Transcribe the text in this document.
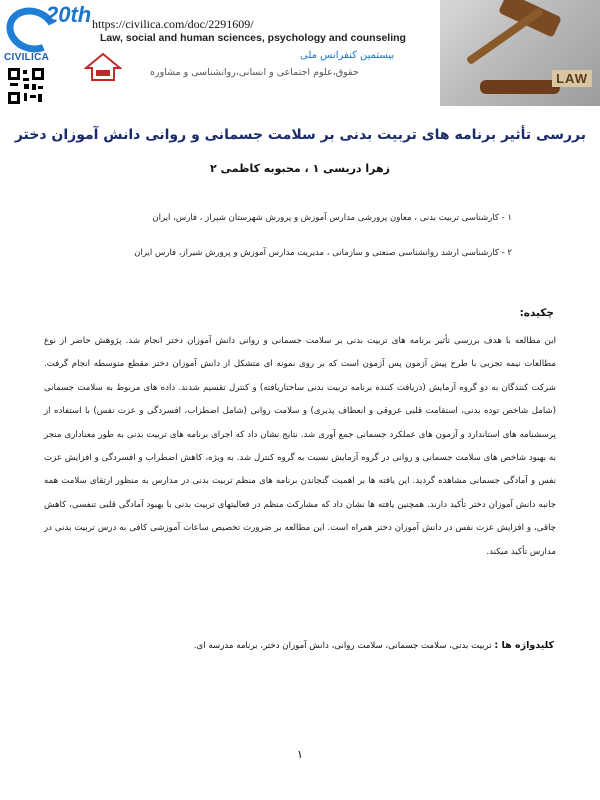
CIVILICA
20th https://civilica.com/doc/2291609/
Law, social and human sciences, psychology and counseling
بیستمین کنفرانس ملی
حقوق،علوم اجتماعی و انسانی،روانشناسی و مشاوره	LAW
بررسی تأثیر برنامه های تربیت بدنی بر سلامت جسمانی و روانی دانش آموزان دختر
زهرا دریسی ۱ ، محبوبه کاظمی ۲
۱ - کارشناسی تربیت بدنی ، معاون پرورشی مدارس آموزش و پرورش شهرستان شیراز ، فارس، ایران
۲ - کارشناسی ارشد روانشناسی صنعتی و سازمانی ، مدیریت مدارس آموزش و پرورش شیراز، فارس ایران
چکیده:
این مطالعه با هدف بررسی تأثیر برنامه های تربیت بدنی بر سلامت جسمانی و روانی دانش آموزان دختر انجام شد. پژوهش حاضر از نوع مطالعات نیمه تجربی با طرح پیش آزمون پس آزمون است که بر روی نمونه ای متشکل از دانش آموزان دختر مقطع متوسطه انجام گرفت. شرکت کنندگان به دو گروه آزمایش (دریافت کننده برنامه تربیت بدنی ساختاریافته) و کنترل تقسیم شدند. داده های مربوط به سلامت جسمانی (شامل شاخص توده بدنی، استقامت قلبی عروقی و انعطاف پذیری) و سلامت روانی (شامل اضطراب، افسردگی و عزت نفس) با استفاده از پرسشنامه های استاندارد و آزمون های عملکرد جسمانی جمع آوری شد. نتایج نشان داد که اجرای برنامه های تربیت بدنی به طور معناداری منجر به بهبود شاخص های سلامت جسمانی و روانی در گروه آزمایش نسبت به گروه کنترل شد. به ویژه، کاهش اضطراب و افسردگی و افزایش عزت نفس و آمادگی جسمانی مشاهده گردید. این یافته ها بر اهمیت گنجاندن برنامه های منظم تربیت بدنی در مدارس به منظور ارتقای سلامت همه جانبه دانش آموزان دختر تأکید دارند. همچنین یافته ها نشان داد که مشارکت منظم در فعالیتهای تربیت بدنی با بهبود آمادگی قلبی تنفسی، کاهش چاقی، و افزایش عزت نفس در دانش آموزان دختر همراه است. این مطالعه بر ضرورت تخصیص ساعات آموزشی کافی به درس تربیت بدنی در مدارس تأکید میکند.
کلیدواژه ها : تربیت بدنی، سلامت جسمانی، سلامت روانی، دانش آموزان دختر، برنامه مدرسه ای.
۱
